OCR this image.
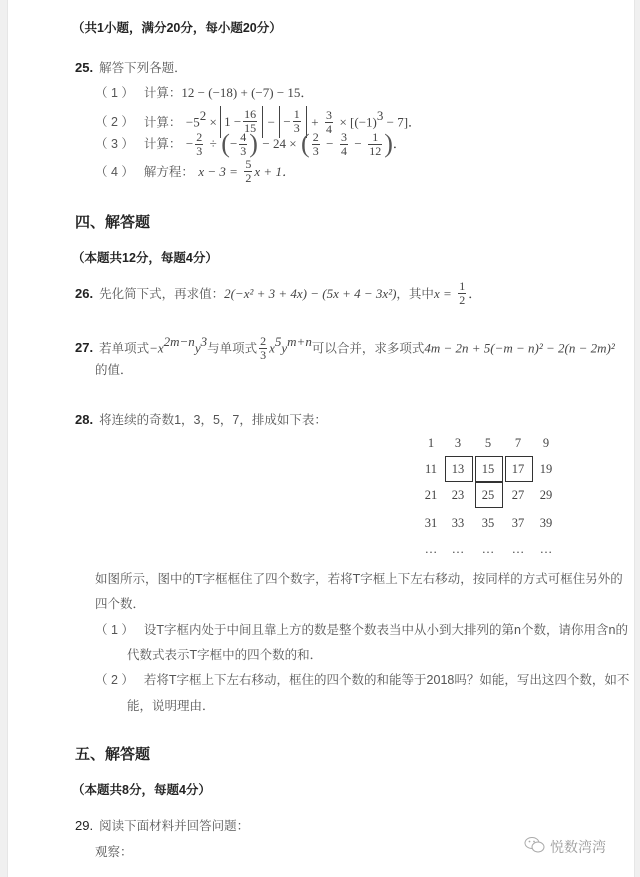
（共1小题，满分20分，每小题20分）
25. 解答下列各题．
（ 1 ） 计算：12 − (−18) + (−7) − 15．
（ 2 ） 计算： $-5^2 \times 1 - \frac{16}{15}$ − − $\frac{1}{3} + \frac{3}{4} \times [(-1)^3 - 7]$．
（ 3 ） 计算： − $\frac{2}{3}$ ÷ (− $\frac{4}{3}$ ) − 24 × ( $\frac{2}{3} - \frac{3}{4} - \frac{1}{12}$ )．
（ 4 ） 解方程： $x - 3 = \frac{5}{2}$ x + 1．
四、解答题
（本题共12分，每题4分）
26. 先化简下式，再求值：2(−x² + 3 + 4x) − (5x + 4 − 3x²)，其中$x = \frac{1}{2}$ ．
27. 若单项式$-x^{2m-n}y^3$与单项式 $\frac{2}{3} x^5y^{m+n}$可以合并，求多项式4m − 2n + 5(−m − n)² − 2(n − 2m)²
的值．
28. 将连续的奇数1，3，5，7，排成如下表：
1	3	5	7	9
11	13	15	17	19
21	23	25	27	29
31	33	35	37	39
…	…	…	…	…
如图所示，图中的T字框框住了四个数字，若将T字框上下左右移动，按同样的方式可框住另外的
四个数．
（ 1 ） 设T字框内处于中间且靠上方的数是整个数表当中从小到大排列的第n个数，请你用含n的
代数式表示T字框中的四个数的和．
（ 2 ） 若将T字框上下左右移动，框住的四个数的和能等于2018吗？如能，写出这四个数，如不
能，说明理由．
五、解答题
（本题共8分，每题4分）
29. 阅读下面材料并回答问题：
观察：	悦数湾湾
